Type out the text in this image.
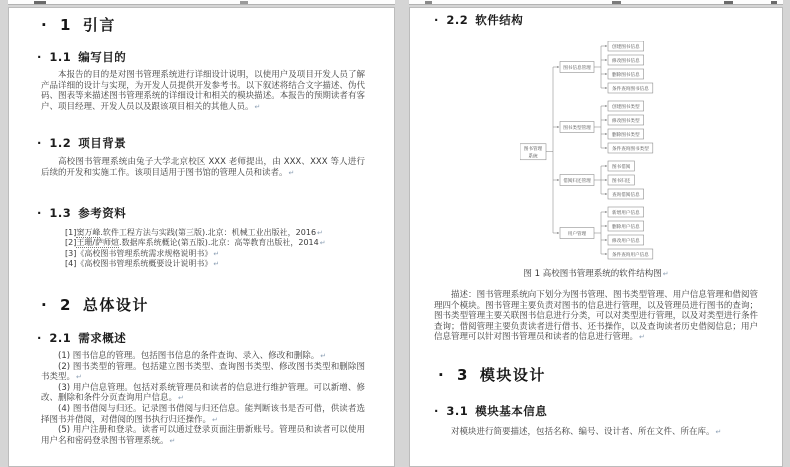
· 1 引言
· 1.1 编写目的
本报告的目的是对图书管理系统进行详细设计说明，以使用户及项目开发人员了解产品详细的设计与实现，为开发人员提供开发参考书。以下叙述将结合文字描述、伪代码、图表等来描述图书管理系统的详细设计和相关的模块描述。本报告的预期读者有客户、项目经理、开发人员以及跟该项目相关的其他人员。 ↵
· 1.2 项目背景
高校图书管理系统由兔子大学北京校区 XXX 老师提出，由 XXX、XXX 等人进行后续的开发和实施工作。该项目适用于图书馆的管理人员和读者。 ↵
· 1.3 参考资料
[1]窦万峰.软件工程方法与实践(第三版).北京：机械工业出版社，2016↵
[2]王珊/萨师煊.数据库系统概论(第五版).北京：高等教育出版社，2014↵
[3]《高校图书管理系统需求规格说明书》↵
[4]《高校图书管理系统概要设计说明书》↵
· 2 总体设计
· 2.1 需求概述
(1) 图书信息的管理。包括图书信息的条件查询、录入、修改和删除。 ↵
(2) 图书类型的管理。包括建立图书类型、查询图书类型、修改图书类型和删除图书类型。 ↵
(3) 用户信息管理。包括对系统管理员和读者的信息进行维护管理。可以新增、修改、删除和条件分页查询用户信息。 ↵
(4) 图书借阅与归还。记录图书借阅与归还信息。能判断该书是否可借，供读者选择图书并借阅，对借阅的图书执行归还操作。 ↵
(5) 用户注册和登录。读者可以通过登录页面注册新账号。管理员和读者可以使用用户名和密码登录图书管理系统。 ↵
· 2.2 软件结构
创建图书信息
修改图书信息
删除图书信息
条件查询图书信息
图书信息管理
创建图书类型
修改图书类型
删除图书类型
条件查询图书类型
图书类型管理
图书借阅
图书归还
查询借阅信息
借阅归还管理
新增用户信息
删除用户信息
修改用户信息
条件查询用户信息
用户管理
图书管理
系统
图 1 高校图书管理系统的软件结构图 ↵
描述：图书管理系统向下划分为图书管理、图书类型管理、用户信息管理和借阅管理四个模块。图书管理主要负责对图书的信息进行管理，以及管理员进行图书的查询；图书类型管理主要关联图书信息进行分类，可以对类型进行管理，以及对类型进行条件查询；借阅管理主要负责读者进行借书、还书操作，以及查询读者历史借阅信息；用户信息管理可以针对图书管理员和读者的信息进行管理。 ↵
· 3 模块设计
· 3.1 模块基本信息
对模块进行简要描述，包括名称、编号、设计者、所在文件、所在库。 ↵
